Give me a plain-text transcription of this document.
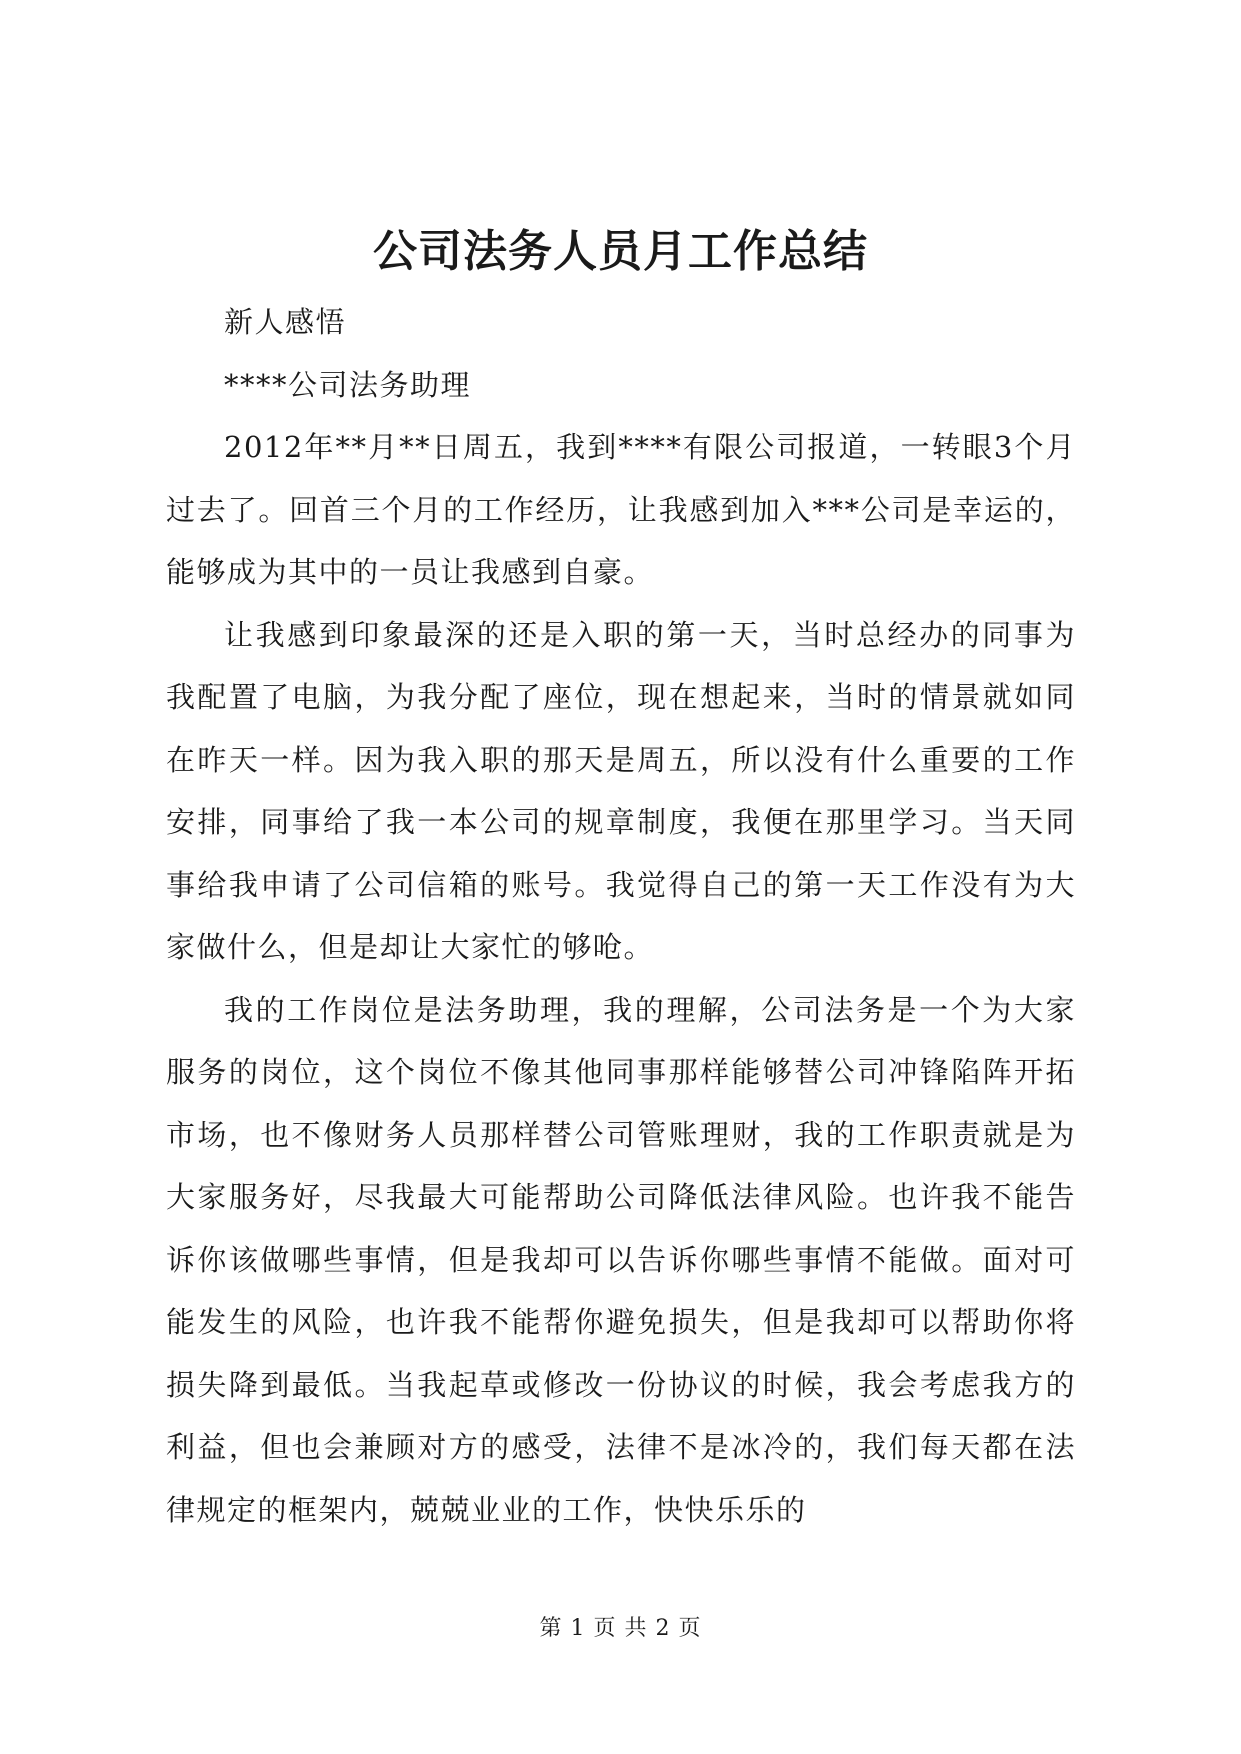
公司法务人员月工作总结

新人感悟

****公司法务助理

2012年**月**日周五，我到****有限公司报道，一转眼3个月过去了。回首三个月的工作经历，让我感到加入***公司是幸运的，能够成为其中的一员让我感到自豪。

让我感到印象最深的还是入职的第一天，当时总经办的同事为我配置了电脑，为我分配了座位，现在想起来，当时的情景就如同在昨天一样。因为我入职的那天是周五，所以没有什么重要的工作安排，同事给了我一本公司的规章制度，我便在那里学习。当天同事给我申请了公司信箱的账号。我觉得自己的第一天工作没有为大家做什么，但是却让大家忙的够呛。

我的工作岗位是法务助理，我的理解，公司法务是一个为大家服务的岗位，这个岗位不像其他同事那样能够替公司冲锋陷阵开拓市场，也不像财务人员那样替公司管账理财，我的工作职责就是为大家服务好，尽我最大可能帮助公司降低法律风险。也许我不能告诉你该做哪些事情，但是我却可以告诉你哪些事情不能做。面对可能发生的风险，也许我不能帮你避免损失，但是我却可以帮助你将损失降到最低。当我起草或修改一份协议的时候，我会考虑我方的利益，但也会兼顾对方的感受，法律不是冰冷的，我们每天都在法律规定的框架内，兢兢业业的工作，快快乐乐的

第 1 页 共 2 页
